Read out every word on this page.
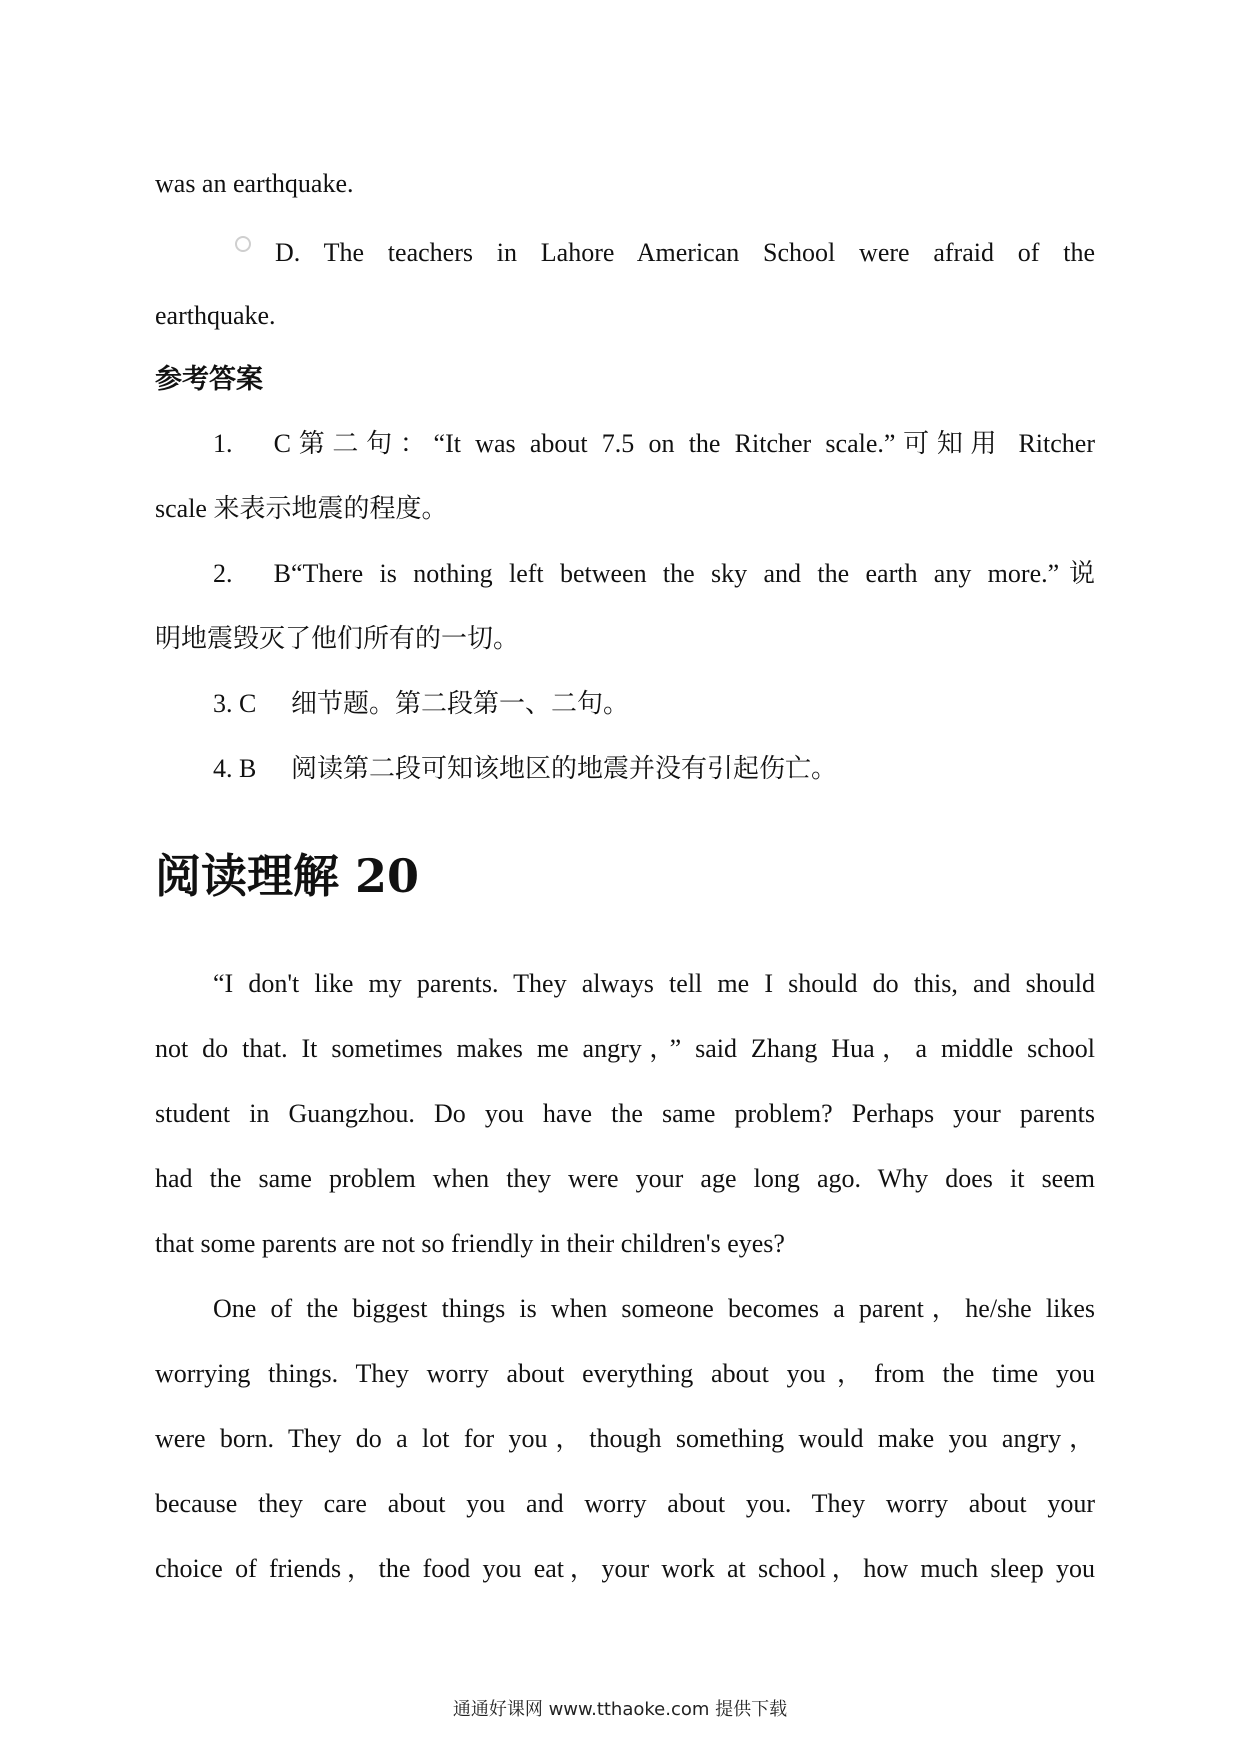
was an earthquake.
D. The teachers in Lahore American School were afraid of the
earthquake.
参考答案
1. C第二句：“It was about 7.5 on the Ritcher scale.”可知用 Ritcher
scale 来表示地震的程度。
2. B“There is nothing left between the sky and the earth any more.”说
明地震毁灭了他们所有的一切。
3. C 细节题。第二段第一、二句。
4. B 阅读第二段可知该地区的地震并没有引起伤亡。
阅读理解 20
“I don't like my parents. They always tell me I should do this, and should
not do that. It sometimes makes me angry，” said Zhang Hua，a middle school
student in Guangzhou. Do you have the same problem? Perhaps your parents
had the same problem when they were your age long ago. Why does it seem
that some parents are not so friendly in their children's eyes?
One of the biggest things is when someone becomes a parent，he/she likes
worrying things. They worry about everything about you，from the time you
were born. They do a lot for you，though something would make you angry，
because they care about you and worry about you. They worry about your
choice of friends，the food you eat，your work at school，how much sleep you
通通好课网 www.tthaoke.com 提供下载
